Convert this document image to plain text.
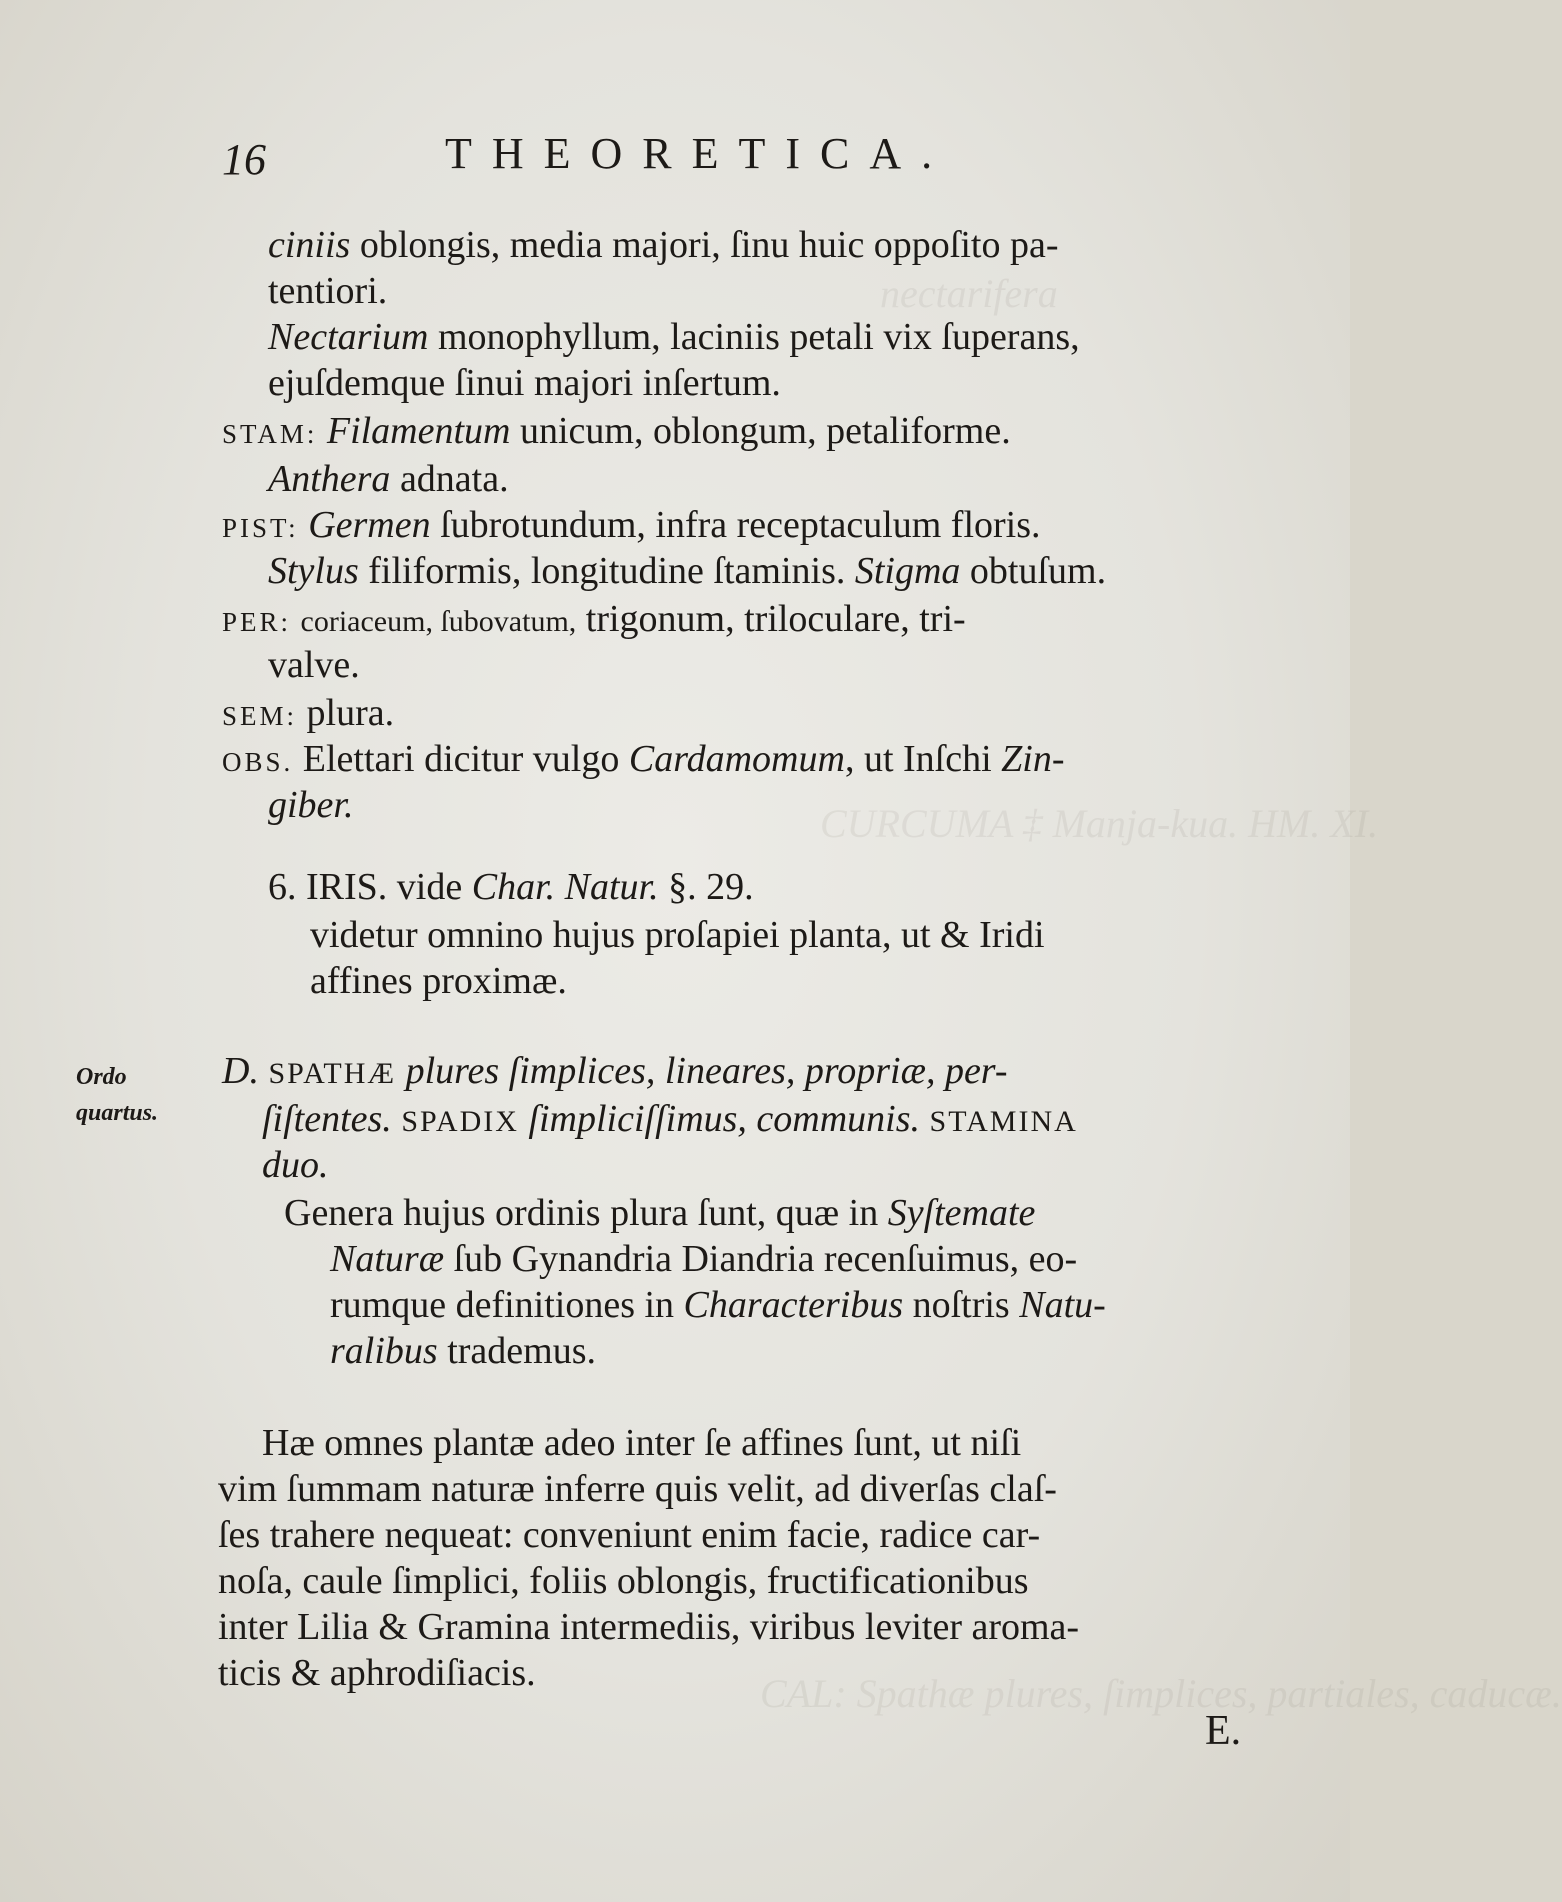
nectarifera
CURCUMA ‡ Manja-kua. HM. XI.
CAL: Spathæ plures, ſimplices, partiales, caducæ.
16	THEORETICA.
ciniis oblongis, media majori, ſinu huic oppoſito pa-
tentiori.
Nectarium monophyllum, laciniis petali vix ſuperans,
ejuſdemque ſinui majori inſertum.
STAM: Filamentum unicum, oblongum, petaliforme.
Anthera adnata.
PIST: Germen ſubrotundum, infra receptaculum floris.
Stylus filiformis, longitudine ſtaminis. Stigma obtuſum.
PER: coriaceum, ſubovatum, trigonum, triloculare, tri-
valve.
SEM: plura.
OBS. Elettari dicitur vulgo Cardamomum, ut Inſchi Zin-
giber.
6. IRIS. vide Char. Natur. §. 29.
videtur omnino hujus proſapiei planta, ut & Iridi
affines proximæ.
Ordo
quartus.
D. SPATHÆ plures ſimplices, lineares, propriæ, per-
ſiſtentes. SPADIX ſimpliciſſimus, communis. STAMINA
duo.
Genera hujus ordinis plura ſunt, quæ in Syſtemate
Naturæ ſub Gynandria Diandria recenſuimus, eo-
rumque definitiones in Characteribus noſtris Natu-
ralibus trademus.
Hæ omnes plantæ adeo inter ſe affines ſunt, ut niſi
vim ſummam naturæ inferre quis velit, ad diverſas claſ-
ſes trahere nequeat: conveniunt enim facie, radice car-
noſa, caule ſimplici, foliis oblongis, fructificationibus
inter Lilia & Gramina intermediis, viribus leviter aroma-
ticis & aphrodiſiacis.
E.
